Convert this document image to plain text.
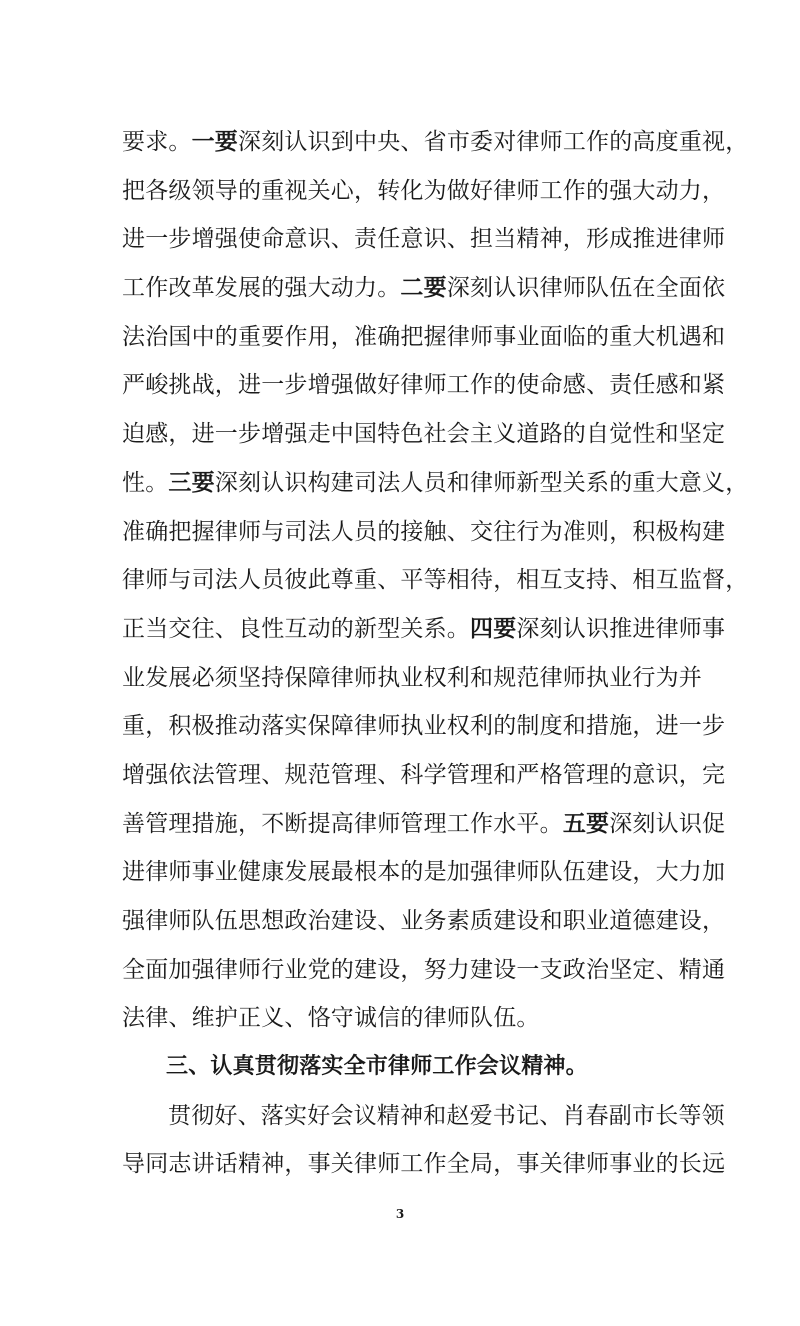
要求。一要深刻认识到中央、省市委对律师工作的高度重视，
把各级领导的重视关心，转化为做好律师工作的强大动力，
进一步增强使命意识、责任意识、担当精神，形成推进律师
工作改革发展的强大动力。二要深刻认识律师队伍在全面依
法治国中的重要作用，准确把握律师事业面临的重大机遇和
严峻挑战，进一步增强做好律师工作的使命感、责任感和紧
迫感，进一步增强走中国特色社会主义道路的自觉性和坚定
性。三要深刻认识构建司法人员和律师新型关系的重大意义，
准确把握律师与司法人员的接触、交往行为准则，积极构建
律师与司法人员彼此尊重、平等相待，相互支持、相互监督，
正当交往、良性互动的新型关系。四要深刻认识推进律师事
业发展必须坚持保障律师执业权利和规范律师执业行为并
重，积极推动落实保障律师执业权利的制度和措施，进一步
增强依法管理、规范管理、科学管理和严格管理的意识，完
善管理措施，不断提高律师管理工作水平。五要深刻认识促
进律师事业健康发展最根本的是加强律师队伍建设，大力加
强律师队伍思想政治建设、业务素质建设和职业道德建设，
全面加强律师行业党的建设，努力建设一支政治坚定、精通
法律、维护正义、恪守诚信的律师队伍。
三、认真贯彻落实全市律师工作会议精神。
贯彻好、落实好会议精神和赵爱书记、肖春副市长等领
导同志讲话精神，事关律师工作全局，事关律师事业的长远
3
